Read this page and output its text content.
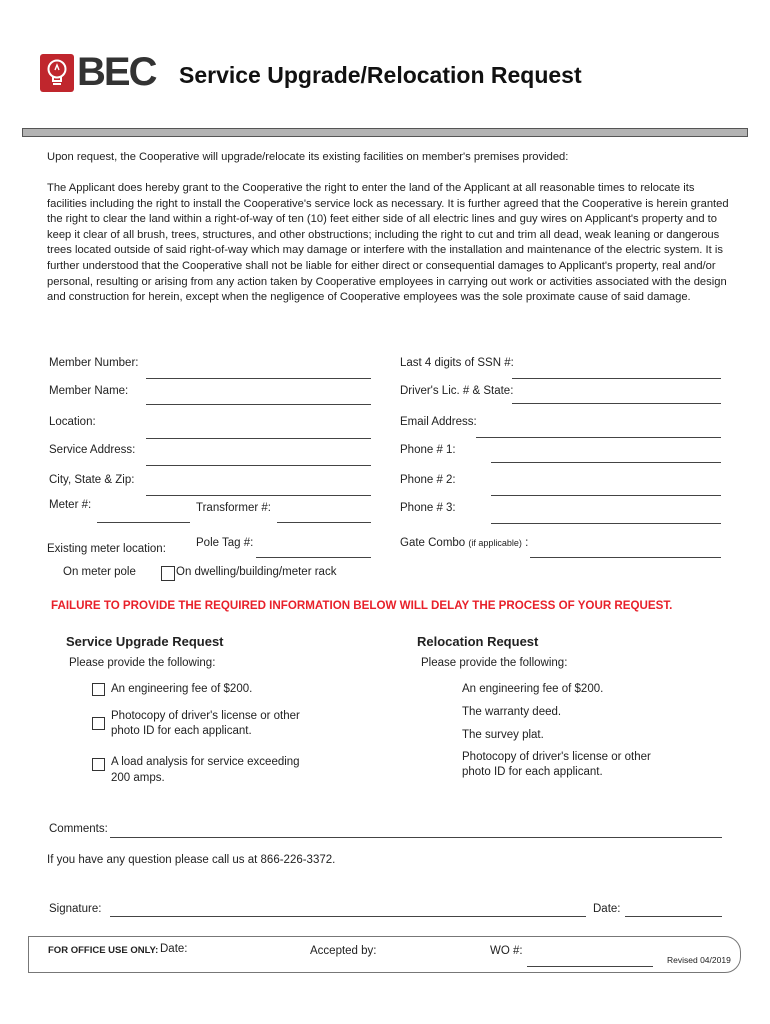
BEC Service Upgrade/Relocation Request
Upon request, the Cooperative will upgrade/relocate its existing facilities on member's premises provided:

The Applicant does hereby grant to the Cooperative the right to enter the land of the Applicant at all reasonable times to relocate its facilities including the right to install the Cooperative's service lock as necessary. It is further agreed that the Cooperative is herein granted the right to clear the land within a right-of-way of ten (10) feet either side of all electric lines and guy wires on Applicant's property and to keep it clear of all brush, trees, structures, and other obstructions; including the right to cut and trim all dead, weak leaning or dangerous trees located outside of said right-of-way which may damage or interfere with the installation and maintenance of the electric system. It is further understood that the Cooperative shall not be liable for either direct or consequential damages to Applicant's property, real and/or personal, resulting or arising from any action taken by Cooperative employees in carrying out work or activities associated with the design and construction for herein, except when the negligence of Cooperative employees was the sole proximate cause of said damage.

Member Number:
Member Name:
Location:
Service Address:
City, State & Zip:
Meter #:	Transformer #:
Existing meter location:	Pole Tag #:
On meter pole	On dwelling/building/meter rack
Last 4 digits of SSN #:
Driver's Lic. # & State:
Email Address:
Phone # 1:
Phone # 2:
Phone # 3:
Gate Combo (if applicable) :
FAILURE TO PROVIDE THE REQUIRED INFORMATION BELOW WILL DELAY THE PROCESS OF YOUR REQUEST.
Service Upgrade Request
Please provide the following:
An engineering fee of $200.
Photocopy of driver's license or other
photo ID for each applicant.
A load analysis for service exceeding
200 amps.
Relocation Request
Please provide the following:
An engineering fee of $200.
The warranty deed.
The survey plat.
Photocopy of driver's license or other
photo ID for each applicant.
Comments:
If you have any question please call us at 866-226-3372.
Signature:	Date:
FOR OFFICE USE ONLY: Date:	Accepted by:	WO #:
Revised 04/2019
